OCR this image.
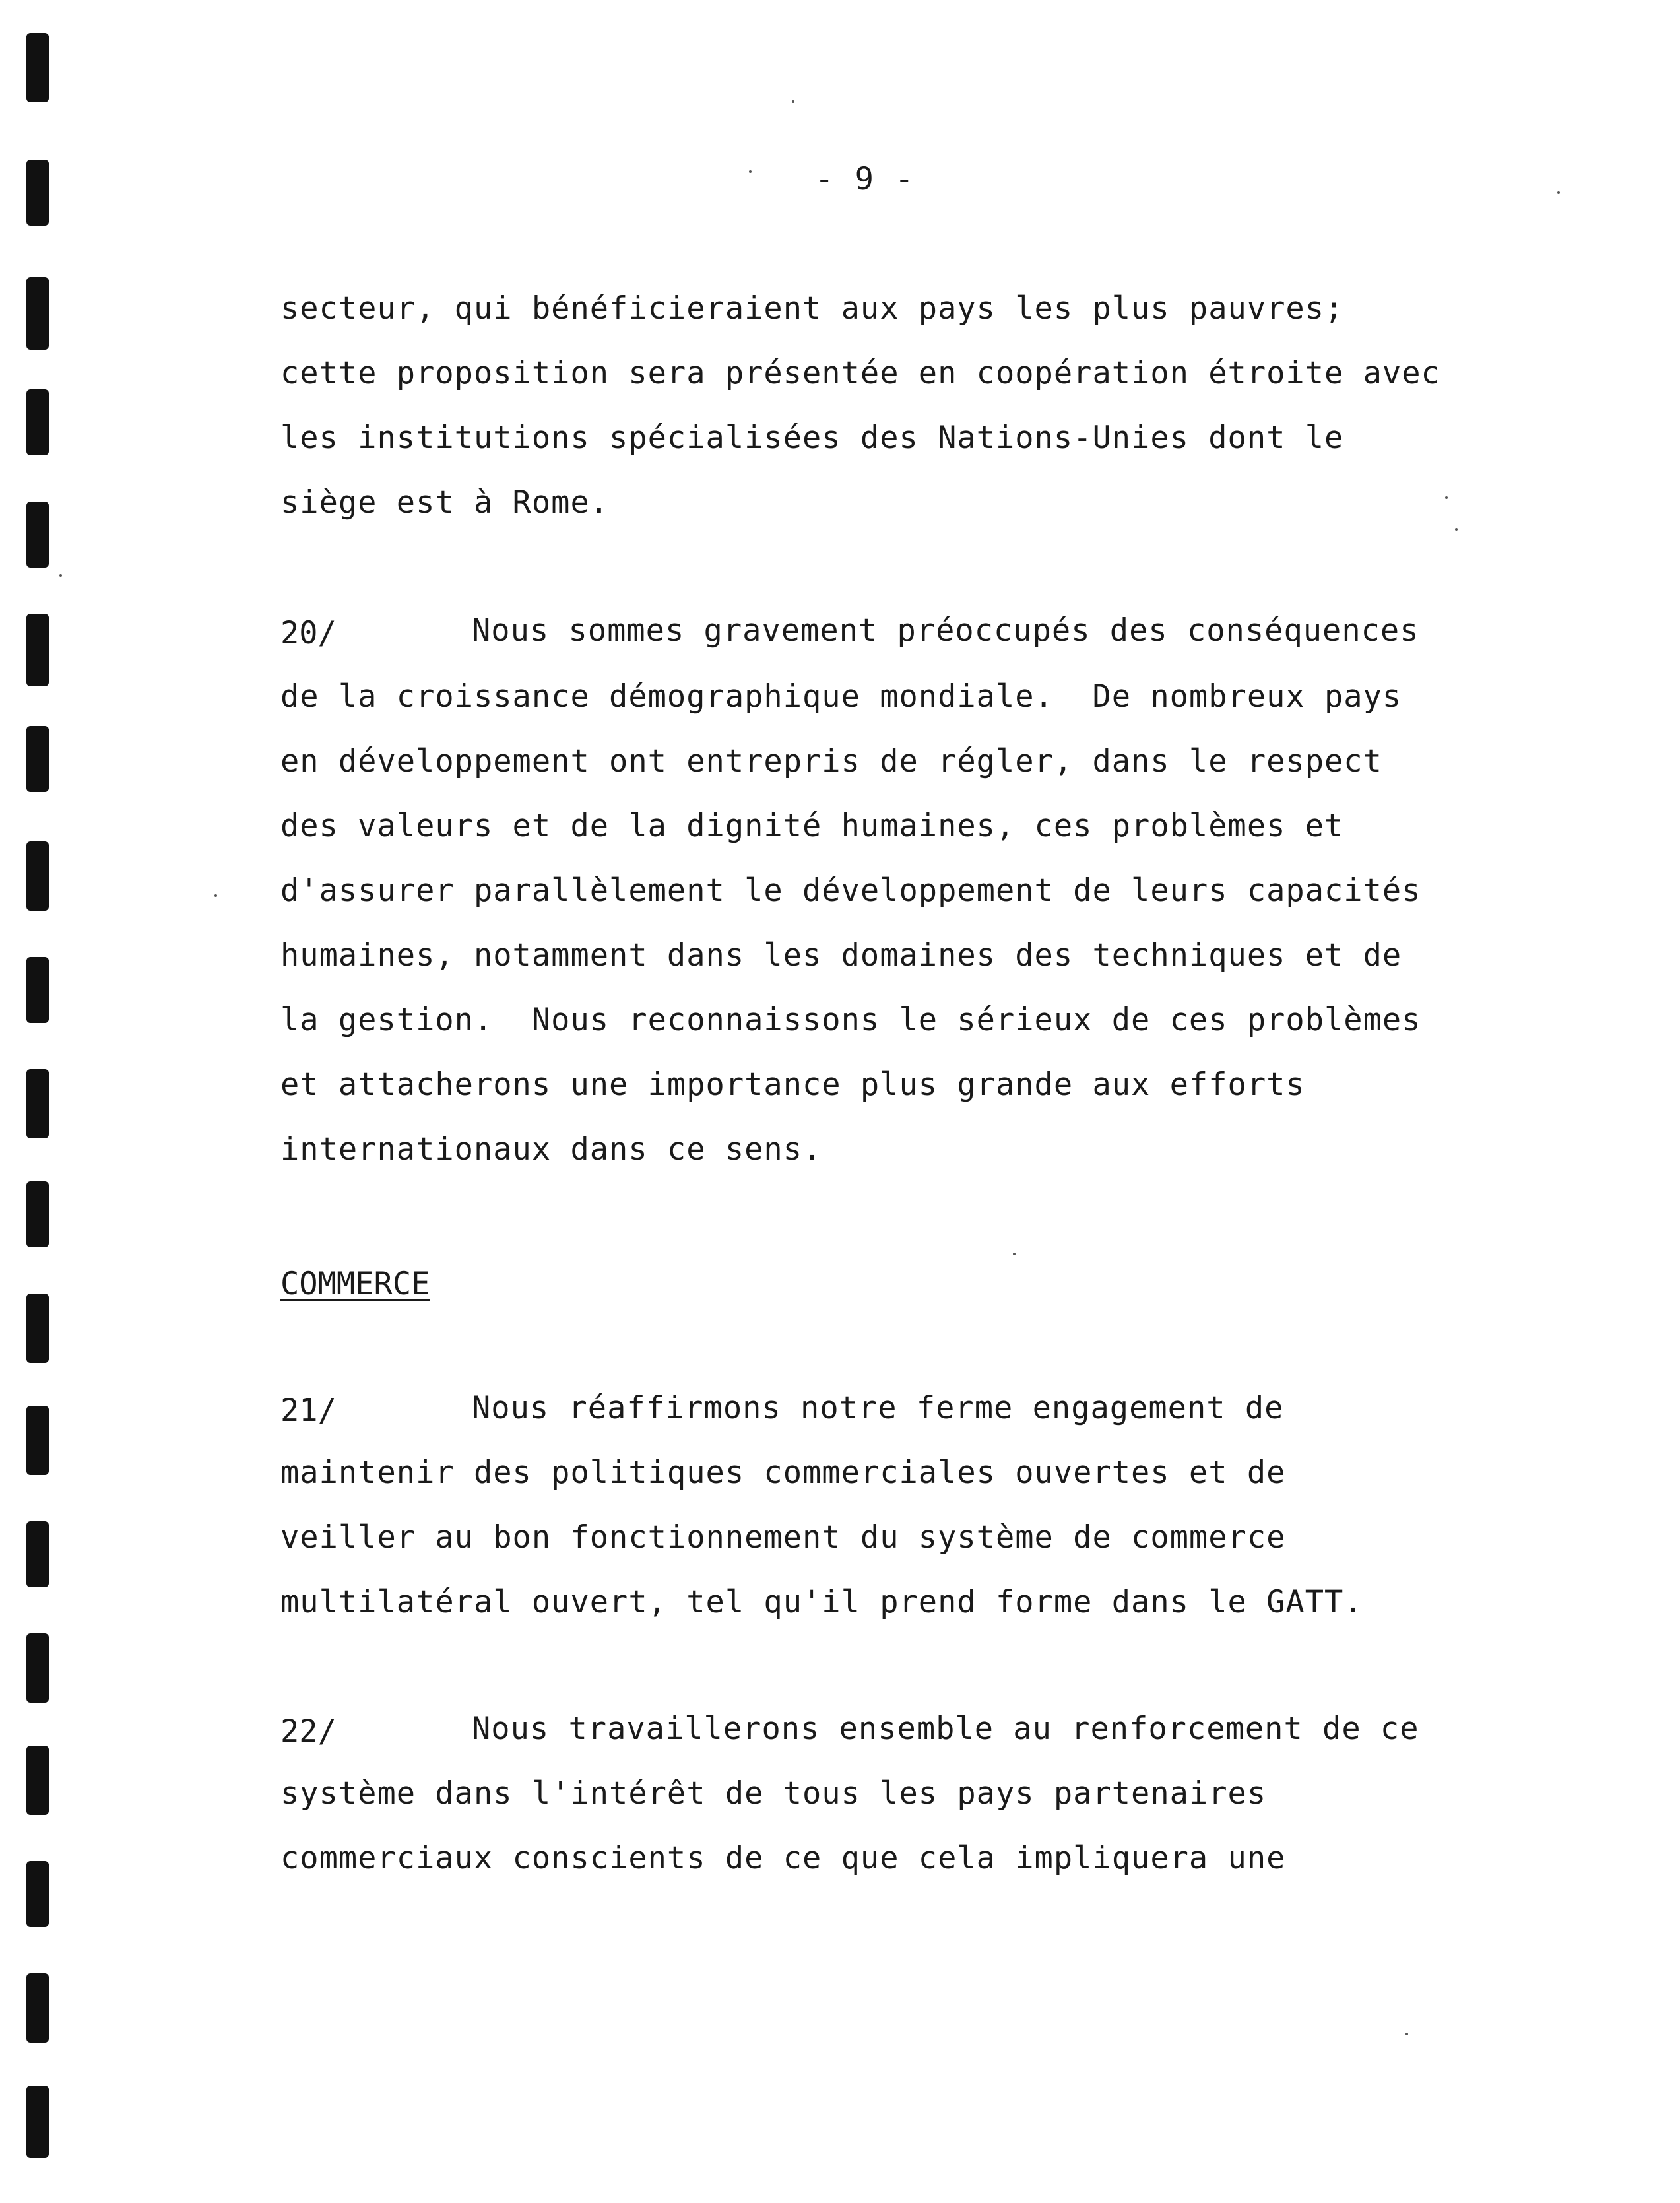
- 9 -
secteur, qui bénéficieraient aux pays les plus pauvres;
cette proposition sera présentée en coopération étroite avec
les institutions spécialisées des Nations-Unies dont le
siège est à Rome.
20/	Nous sommes gravement préoccupés des conséquences
de la croissance démographique mondiale.  De nombreux pays
en développement ont entrepris de régler, dans le respect
des valeurs et de la dignité humaines, ces problèmes et
d'assurer parallèlement le développement de leurs capacités
humaines, notamment dans les domaines des techniques et de
la gestion.  Nous reconnaissons le sérieux de ces problèmes
et attacherons une importance plus grande aux efforts
internationaux dans ce sens.
COMMERCE
21/	Nous réaffirmons notre ferme engagement de
maintenir des politiques commerciales ouvertes et de
veiller au bon fonctionnement du système de commerce
multilatéral ouvert, tel qu'il prend forme dans le GATT.
22/	Nous travaillerons ensemble au renforcement de ce
système dans l'intérêt de tous les pays partenaires
commerciaux conscients de ce que cela impliquera une
